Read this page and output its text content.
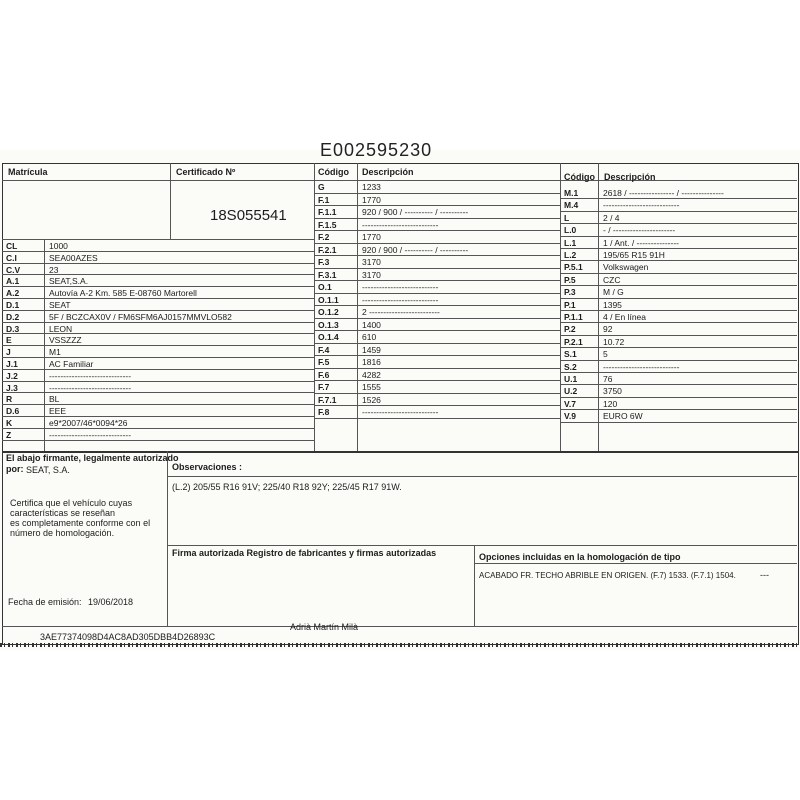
E002595230
Matrícula	Certificado Nº
18S055541
Código Descripción	Código Descripción
CL	1000
C.I	SEA00AZES
C.V	23
A.1	SEAT,S.A.
A.2	Autovía A-2 Km. 585 E-08760 Martorell
D.1	SEAT
D.2	5F / BCZCAX0V / FM6SFM6AJ0157MMVLO582
D.3	LEON
E	VSSZZZ
J	M1
J.1	AC Familiar
J.2	-----------------------------
J.3	-----------------------------
R	BL
D.6	EEE
K	e9*2007/46*0094*26
Z	-----------------------------
G	1233
F.1	1770
F.1.1	920 / 900 / ---------- / ----------
F.1.5	---------------------------
F.2	1770
F.2.1	920 / 900 / ---------- / ----------
F.3	3170
F.3.1	3170
O.1	---------------------------
O.1.1	---------------------------
O.1.2	2 -------------------------
O.1.3	1400
O.1.4	610
F.4	1459
F.5	1816
F.6	4282
F.7	1555
F.7.1	1526
F.8	---------------------------
M.1	2618 / ---------------- / ---------------
M.4	---------------------------
L	2 / 4
L.0	- / ----------------------
L.1	1 / Ant. / ---------------
L.2	195/65 R15 91H
P.5.1 Volkswagen
P.5	CZC
P.3	M / G
P.1	1395
P.1.1 4 / En línea
P.2	92
P.2.1 10.72
S.1	5
S.2	---------------------------
U.1	76
U.2	3750
V.7	120
V.9	EURO 6W
El abajo firmante, legalmente autorizado
por: SEAT, S.A.
Certifica que el vehículo cuyas
características se reseñan
es completamente conforme con el
número de homologación.
Fecha de emisión: 19/06/2018
Observaciones :
(L.2) 205/55 R16 91V; 225/40 R18 92Y; 225/45 R17 91W.
Firma autorizada Registro de fabricantes y firmas autorizadas
Adrià Martín Milà
Opciones incluidas en la homologación de tipo
ACABADO FR. TECHO ABRIBLE EN ORIGEN. (F.7) 1533. (F.7.1) 1504.	---
3AE77374098D4AC8AD305DBB4D26893C
